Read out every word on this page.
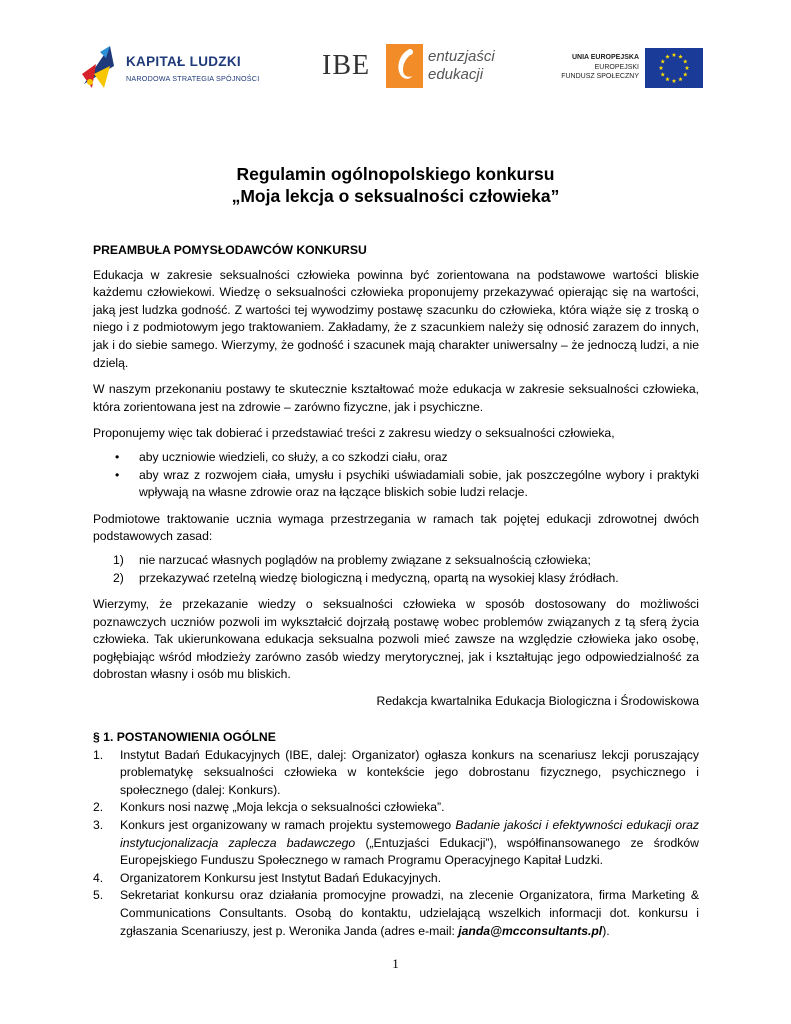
KAPITAŁ LUDZKI
NARODOWA STRATEGIA SPÓJNOŚCI IBE	entuzjaści
edukacji
UNIA EUROPEJSKA
EUROPEJSKI
FUNDUSZ SPOŁECZNY
Regulamin ogólnopolskiego konkursu
„Moja lekcja o seksualności człowieka”
PREAMBUŁA POMYSŁODAWCÓW KONKURSU

Edukacja w zakresie seksualności człowieka powinna być zorientowana na podstawowe wartości bliskie każdemu człowiekowi. Wiedzę o seksualności człowieka proponujemy przekazywać opierając się na wartości, jaką jest ludzka godność. Z wartości tej wywodzimy postawę szacunku do człowieka, która wiąże się z troską o niego i z podmiotowym jego traktowaniem. Zakładamy, że z szacunkiem należy się odnosić zarazem do innych, jak i do siebie samego. Wierzymy, że godność i szacunek mają charakter uniwersalny – że jednoczą ludzi, a nie dzielą.

W naszym przekonaniu postawy te skutecznie kształtować może edukacja w zakresie seksualności człowieka, która zorientowana jest na zdrowie – zarówno fizyczne, jak i psychiczne.

Proponujemy więc tak dobierać i przedstawiać treści z zakresu wiedzy o seksualności człowieka,

• aby uczniowie wiedzieli, co służy, a co szkodzi ciału, oraz
• aby wraz z rozwojem ciała, umysłu i psychiki uświadamiali sobie, jak poszczególne wybory i praktyki wpływają na własne zdrowie oraz na łączące bliskich sobie ludzi relacje.

Podmiotowe traktowanie ucznia wymaga przestrzegania w ramach tak pojętej edukacji zdrowotnej dwóch podstawowych zasad:

1) nie narzucać własnych poglądów na problemy związane z seksualnością człowieka;
2) przekazywać rzetelną wiedzę biologiczną i medyczną, opartą na wysokiej klasy źródłach.

Wierzymy, że przekazanie wiedzy o seksualności człowieka w sposób dostosowany do możliwości poznawczych uczniów pozwoli im wykształcić dojrzałą postawę wobec problemów związanych z tą sferą życia człowieka. Tak ukierunkowana edukacja seksualna pozwoli mieć zawsze na względzie człowieka jako osobę, pogłębiając wśród młodzieży zarówno zasób wiedzy merytorycznej, jak i kształtując jego odpowiedzialność za dobrostan własny i osób mu bliskich.

Redakcja kwartalnika Edukacja Biologiczna i Środowiskowa

§ 1. POSTANOWIENIA OGÓLNE
1. Instytut Badań Edukacyjnych (IBE, dalej: Organizator) ogłasza konkurs na scenariusz lekcji poruszający problematykę seksualności człowieka w kontekście jego dobrostanu fizycznego, psychicznego i społecznego (dalej: Konkurs).
2. Konkurs nosi nazwę „Moja lekcja o seksualności człowieka”.
3. Konkurs jest organizowany w ramach projektu systemowego Badanie jakości i efektywności edukacji oraz instytucjonalizacja zaplecza badawczego („Entuzjaści Edukacji”), współfinansowanego ze środków Europejskiego Funduszu Społecznego w ramach Programu Operacyjnego Kapitał Ludzki.
4. Organizatorem Konkursu jest Instytut Badań Edukacyjnych.
5. Sekretariat konkursu oraz działania promocyjne prowadzi, na zlecenie Organizatora, firma Marketing & Communications Consultants. Osobą do kontaktu, udzielającą wszelkich informacji dot. konkursu i zgłaszania Scenariuszy, jest p. Weronika Janda (adres e-mail: janda@mcconsultants.pl).
1
